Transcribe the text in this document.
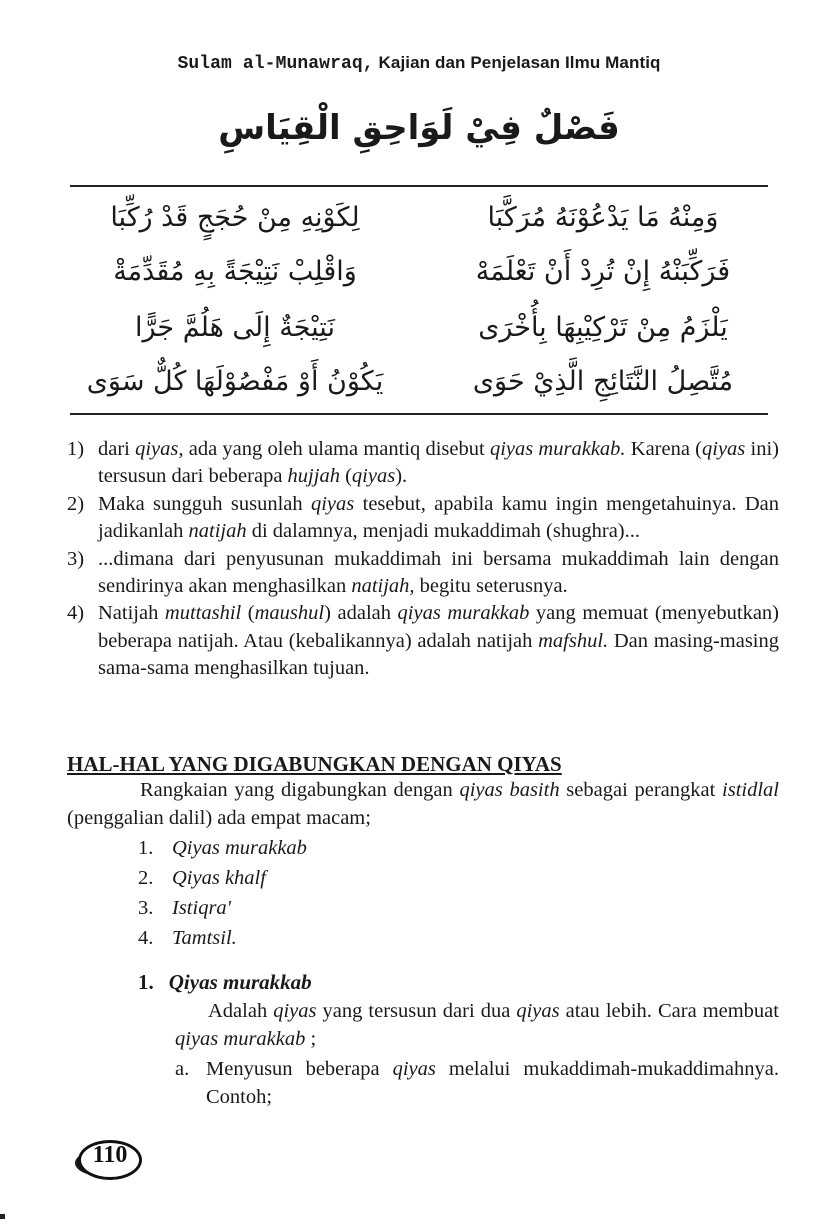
Sulam al-Munawraq, Kajian dan Penjelasan Ilmu Mantiq
فَصْلٌ فِيْ لَوَاحِقِ الْقِيَاسِ
وَمِنْهُ مَا يَدْعُوْنَهُ مُرَكَّبَا
لِكَوْنِهِ مِنْ حُجَجٍ قَدْ رُكِّبَا
فَرَكِّبَنْهُ إِنْ تُرِدْ أَنْ تَعْلَمَهْ
وَاقْلِبْ نَتِيْجَةً بِهِ مُقَدِّمَةْ
يَلْزَمُ مِنْ تَرْكِيْبِهَا بِأُخْرَى
نَتِيْجَةٌ إِلَى هَلُمَّ جَرًّا
مُتَّصِلُ النَّتَائِجِ الَّذِيْ حَوَى
يَكُوْنُ أَوْ مَفْصُوْلَهَا كُلٌّ سَوَى
1) dari qiyas, ada yang oleh ulama mantiq disebut qiyas murakkab. Karena (qiyas ini) tersusun dari beberapa hujjah (qiyas).

2) Maka sungguh susunlah qiyas tesebut, apabila kamu ingin mengetahuinya. Dan jadikanlah natijah di dalamnya, menjadi mukaddimah (shughra)...

3) ...dimana dari penyusunan mukaddimah ini bersama mukaddimah lain dengan sendirinya akan menghasilkan natijah, begitu seterusnya.

4) Natijah muttashil (maushul) adalah qiyas murakkab yang memuat (menyebutkan) beberapa natijah. Atau (kebalikannya) adalah natijah mafshul. Dan masing-masing sama-sama menghasilkan tujuan.

HAL-HAL YANG DIGABUNGKAN DENGAN QIYAS
Rangkaian yang digabungkan dengan qiyas basith sebagai perangkat istidlal (penggalian dalil) ada empat macam;
1. Qiyas murakkab
2. Qiyas khalf
3. Istiqra'
4. Tamtsil.
1. Qiyas murakkab
Adalah qiyas yang tersusun dari dua qiyas atau lebih. Cara membuat qiyas murakkab ;
a. Menyusun beberapa qiyas melalui mukaddimah-mukaddimahnya. Contoh;
110
